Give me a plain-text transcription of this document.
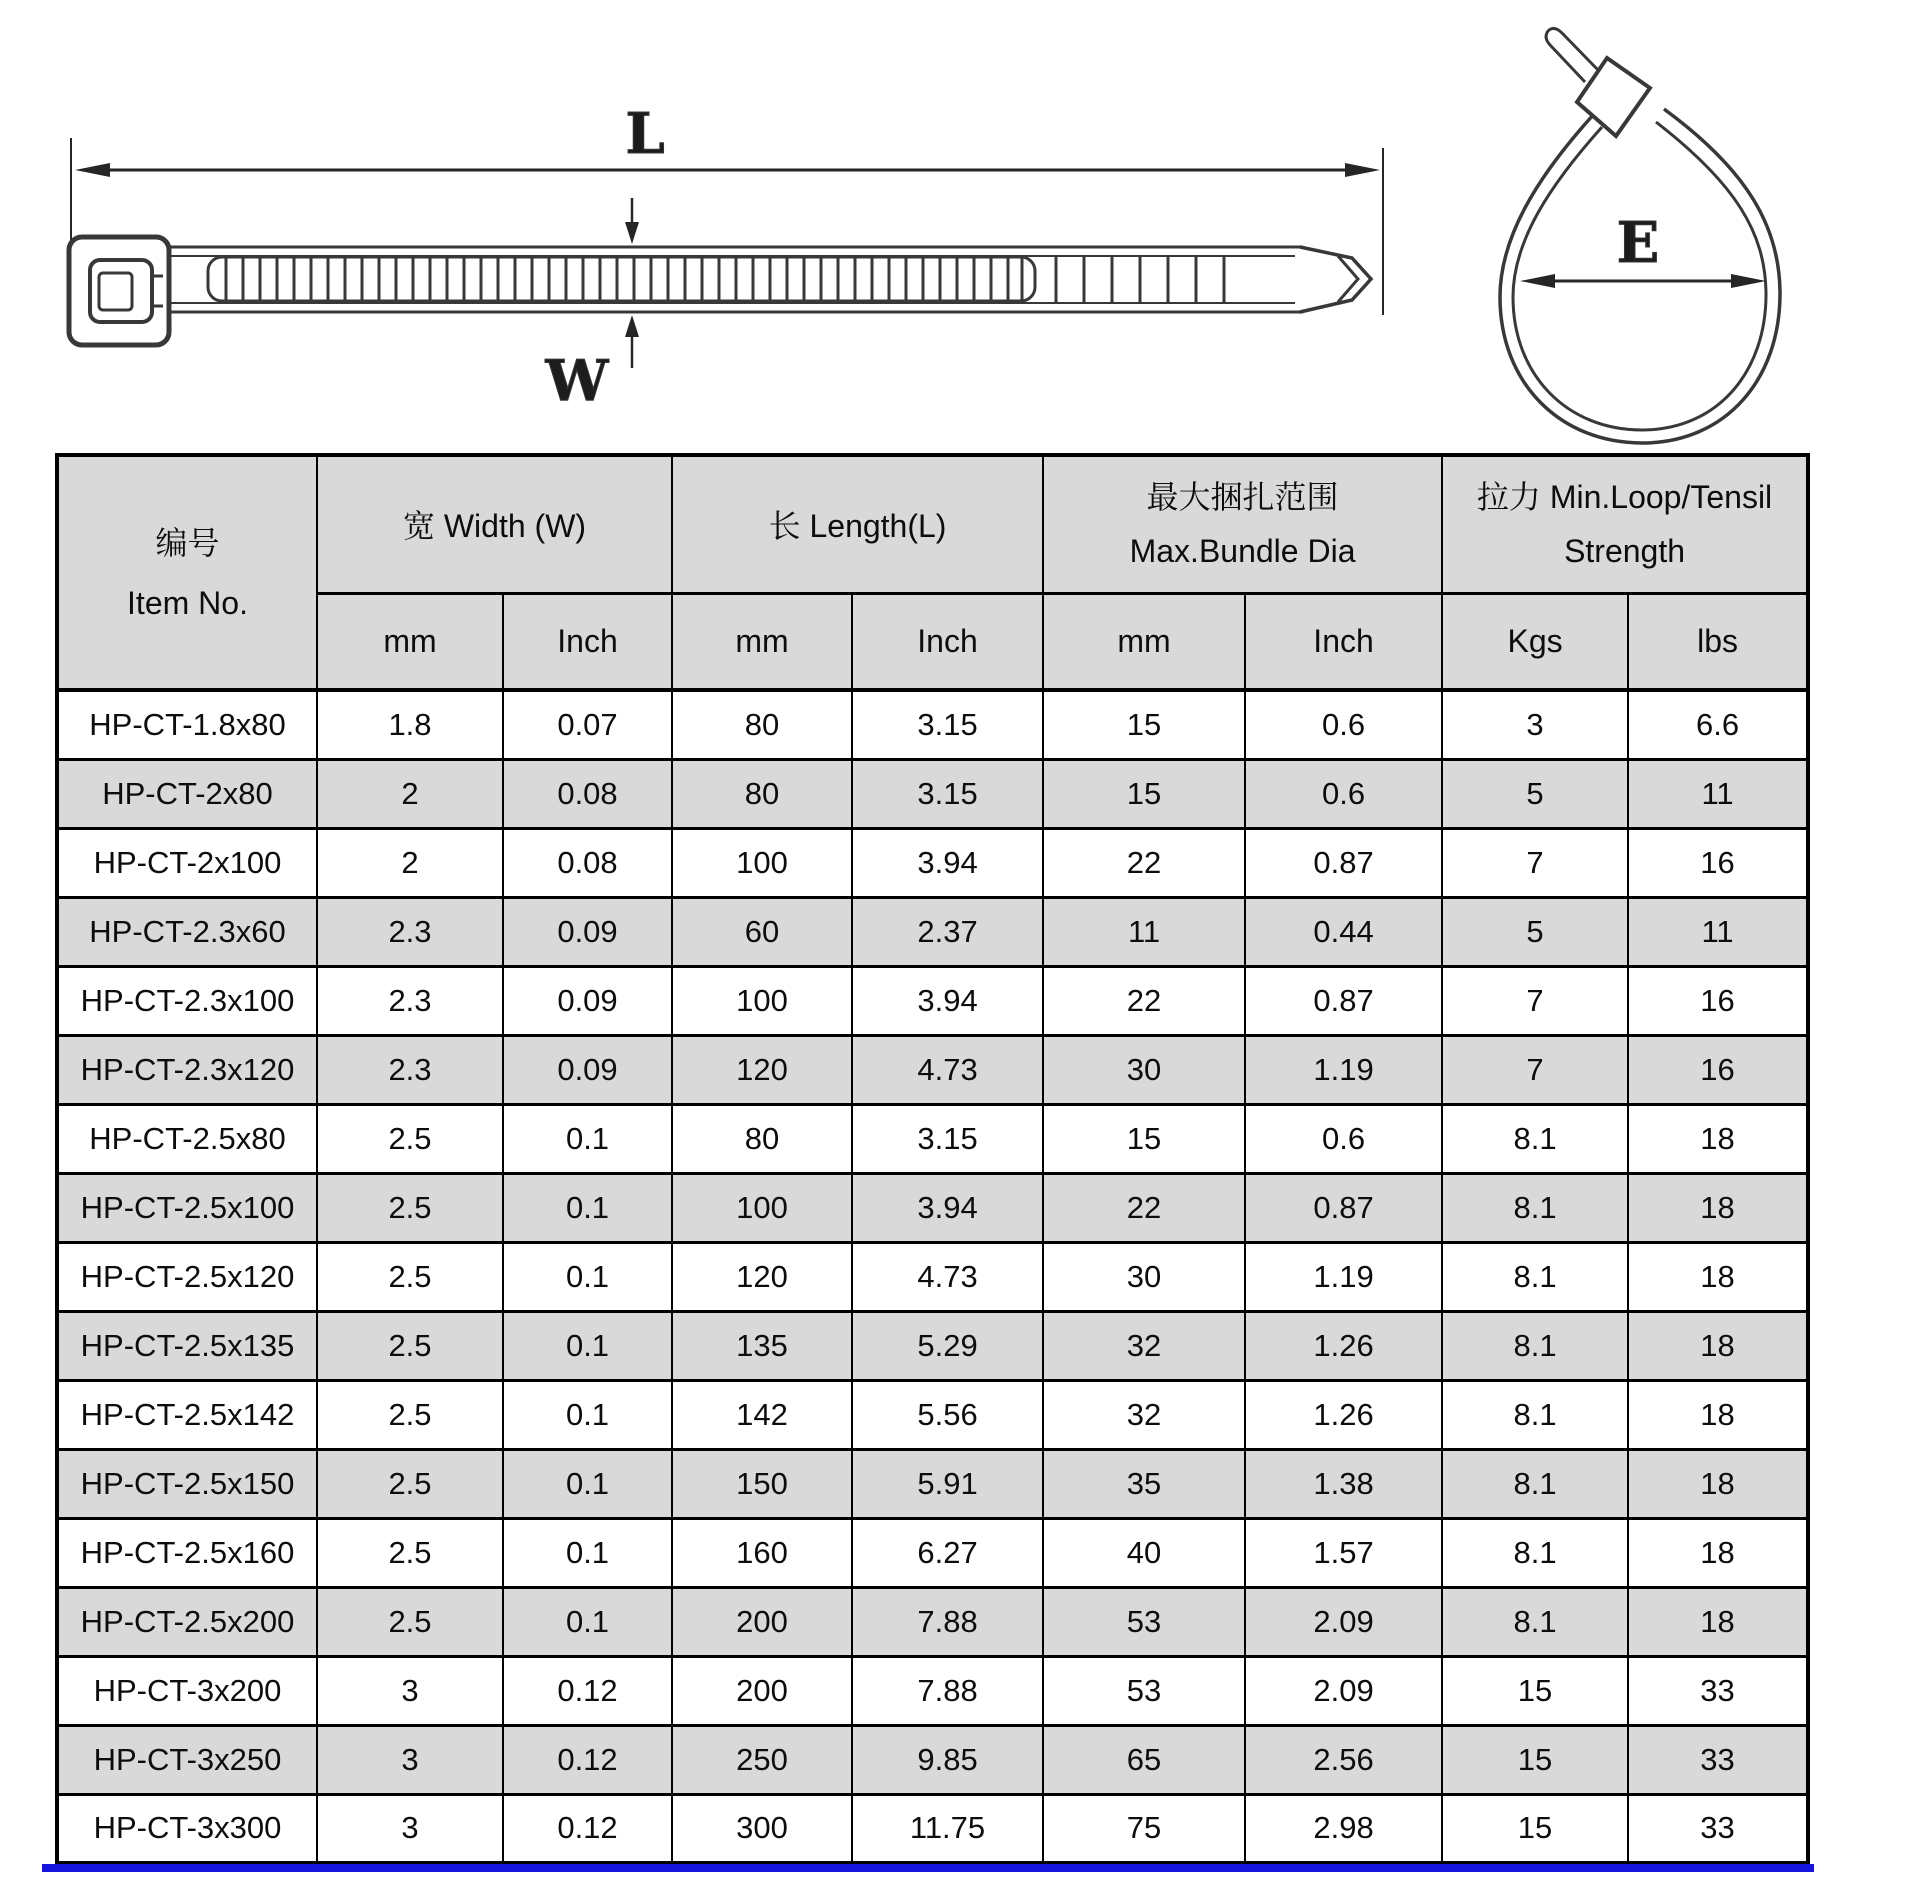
L
W
E
编号
Item No.
	宽 Width (W)	长 Length(L)	
最大捆扎范围
Max.Bundle Dia

拉力 Min.Loop/Tensil
Strength

	mm	Inch	mm	Inch	mm	Inch	Kgs	lbs
HP-CT-1.8x80	1.8	0.07	80	3.15	15	0.6	3	6.6
HP-CT-2x80	2	0.08	80	3.15	15	0.6	5	11
HP-CT-2x100	2	0.08	100	3.94	22	0.87	7	16
HP-CT-2.3x60	2.3	0.09	60	2.37	11	0.44	5	11
HP-CT-2.3x100	2.3	0.09	100	3.94	22	0.87	7	16
HP-CT-2.3x120	2.3	0.09	120	4.73	30	1.19	7	16
HP-CT-2.5x80	2.5	0.1	80	3.15	15	0.6	8.1	18
HP-CT-2.5x100	2.5	0.1	100	3.94	22	0.87	8.1	18
HP-CT-2.5x120	2.5	0.1	120	4.73	30	1.19	8.1	18
HP-CT-2.5x135	2.5	0.1	135	5.29	32	1.26	8.1	18
HP-CT-2.5x142	2.5	0.1	142	5.56	32	1.26	8.1	18
HP-CT-2.5x150	2.5	0.1	150	5.91	35	1.38	8.1	18
HP-CT-2.5x160	2.5	0.1	160	6.27	40	1.57	8.1	18
HP-CT-2.5x200	2.5	0.1	200	7.88	53	2.09	8.1	18
HP-CT-3x200	3	0.12	200	7.88	53	2.09	15	33
HP-CT-3x250	3	0.12	250	9.85	65	2.56	15	33
HP-CT-3x300	3	0.12	300	11.75	75	2.98	15	33
